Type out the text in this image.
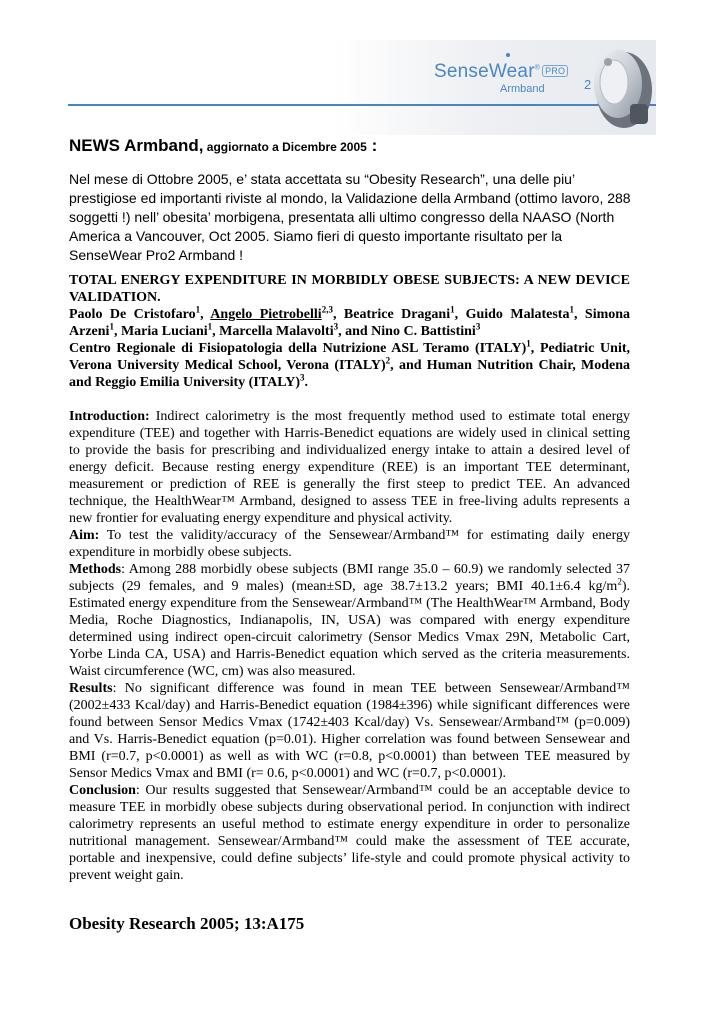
SenseWear® PRO
Armband	2
NEWS Armband, aggiornato a Dicembre 2005 :
Nel mese di Ottobre 2005, e’ stata accettata su “Obesity Research”, una delle piu’ prestigiose ed importanti riviste al mondo, la Validazione della Armband (ottimo lavoro, 288 soggetti !) nell’ obesita’ morbigena, presentata alli ultimo congresso della NAASO (North America a Vancouver, Oct 2005. Siamo fieri di questo importante risultato per la SenseWear Pro2 Armband !

TOTAL ENERGY EXPENDITURE IN MORBIDLY OBESE SUBJECTS: A NEW DEVICE VALIDATION.

Paolo De Cristofaro$^1$, Angelo Pietrobelli$^{2,3}$, Beatrice Dragani$^1$, Guido Malatesta$^1$, Simona Arzeni$^1$, Maria Luciani$^1$, Marcella Malavolti$^3$, and Nino C. Battistini$^3$

Centro Regionale di Fisiopatologia della Nutrizione ASL Teramo (ITALY)$^1$, Pediatric Unit, Verona University Medical School, Verona (ITALY)$^2$, and Human Nutrition Chair, Modena and Reggio Emilia University (ITALY)$^3$.

Introduction: Indirect calorimetry is the most frequently method used to estimate total energy expenditure (TEE) and together with Harris-Benedict equations are widely used in clinical setting to provide the basis for prescribing and individualized energy intake to attain a desired level of energy deficit. Because resting energy expenditure (REE) is an important TEE determinant, measurement or prediction of REE is generally the first steep to predict TEE. An advanced technique, the HealthWear™ Armband, designed to assess TEE in free-living adults represents a new frontier for evaluating energy expenditure and physical activity.

Aim: To test the validity/accuracy of the Sensewear/Armband™ for estimating daily energy expenditure in morbidly obese subjects.

Methods: Among 288 morbidly obese subjects (BMI range 35.0 – 60.9) we randomly selected 37 subjects (29 females, and 9 males) (mean±SD, age 38.7±13.2 years; BMI 40.1±6.4 $kg/m^2$). Estimated energy expenditure from the Sensewear/Armband™ (The HealthWear™ Armband, Body Media, Roche Diagnostics, Indianapolis, IN, USA) was compared with energy expenditure determined using indirect open-circuit calorimetry (Sensor Medics Vmax 29N, Metabolic Cart, Yorbe Linda CA, USA) and Harris-Benedict equation which served as the criteria measurements. Waist circumference (WC, cm) was also measured.

Results: No significant difference was found in mean TEE between Sensewear/Armband™ (2002±433 Kcal/day) and Harris-Benedict equation (1984±396) while significant differences were found between Sensor Medics Vmax (1742±403 Kcal/day) Vs. Sensewear/Armband™ (p=0.009) and Vs. Harris-Benedict equation (p=0.01). Higher correlation was found between Sensewear and BMI (r=0.7, p<0.0001) as well as with WC (r=0.8, p<0.0001) than between TEE measured by Sensor Medics Vmax and BMI (r= 0.6, p<0.0001) and WC (r=0.7, p<0.0001).

Conclusion: Our results suggested that Sensewear/Armband™ could be an acceptable device to measure TEE in morbidly obese subjects during observational period. In conjunction with indirect calorimetry represents an useful method to estimate energy expenditure in order to personalize nutritional management. Sensewear/Armband™ could make the assessment of TEE accurate, portable and inexpensive, could define subjects’ life-style and could promote physical activity to prevent weight gain.

Obesity Research 2005; 13:A175
